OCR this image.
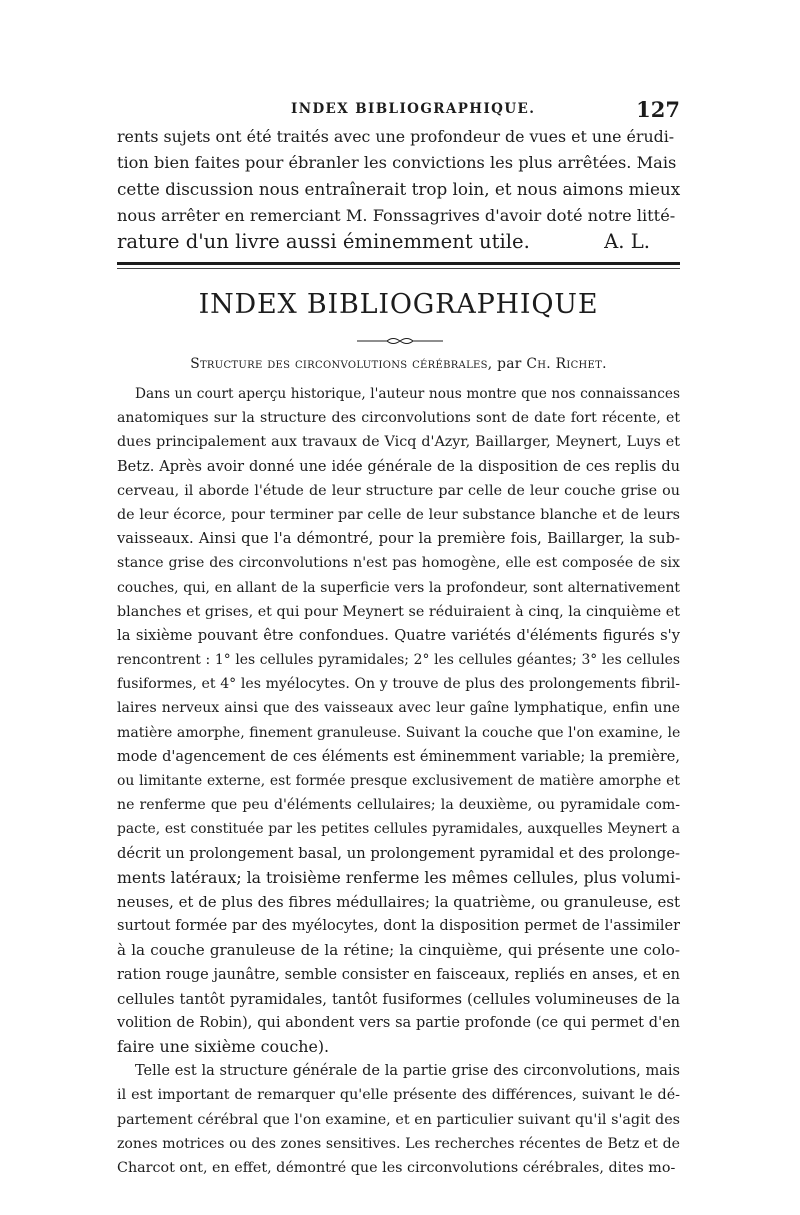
INDEX BIBLIOGRAPHIQUE.	127
rents sujets ont été traités avec une profondeur de vues et une érudi-
tion bien faites pour ébranler les convictions les plus arrêtées. Mais
cette discussion nous entraînerait trop loin, et nous aimons mieux
nous arrêter en remerciant M. Fonssagrives d'avoir doté notre litté-
rature d'un livre aussi éminemment utile.	A. L.
INDEX BIBLIOGRAPHIQUE
Structure des circonvolutions cérébrales, par Ch. Richet.
Dans un court aperçu historique, l'auteur nous montre que nos connaissances
anatomiques sur la structure des circonvolutions sont de date fort récente, et
dues principalement aux travaux de Vicq d'Azyr, Baillarger, Meynert, Luys et
Betz. Après avoir donné une idée générale de la disposition de ces replis du
cerveau, il aborde l'étude de leur structure par celle de leur couche grise ou
de leur écorce, pour terminer par celle de leur substance blanche et de leurs
vaisseaux. Ainsi que l'a démontré, pour la première fois, Baillarger, la sub-
stance grise des circonvolutions n'est pas homogène, elle est composée de six
couches, qui, en allant de la superficie vers la profondeur, sont alternativement
blanches et grises, et qui pour Meynert se réduiraient à cinq, la cinquième et
la sixième pouvant être confondues. Quatre variétés d'éléments figurés s'y
rencontrent : 1° les cellules pyramidales; 2° les cellules géantes; 3° les cellules
fusiformes, et 4° les myélocytes. On y trouve de plus des prolongements fibril-
laires nerveux ainsi que des vaisseaux avec leur gaîne lymphatique, enfin une
matière amorphe, finement granuleuse. Suivant la couche que l'on examine, le
mode d'agencement de ces éléments est éminemment variable; la première,
ou limitante externe, est formée presque exclusivement de matière amorphe et
ne renferme que peu d'éléments cellulaires; la deuxième, ou pyramidale com-
pacte, est constituée par les petites cellules pyramidales, auxquelles Meynert a
décrit un prolongement basal, un prolongement pyramidal et des prolonge-
ments latéraux; la troisième renferme les mêmes cellules, plus volumi-
neuses, et de plus des fibres médullaires; la quatrième, ou granuleuse, est
surtout formée par des myélocytes, dont la disposition permet de l'assimiler
à la couche granuleuse de la rétine; la cinquième, qui présente une colo-
ration rouge jaunâtre, semble consister en faisceaux, repliés en anses, et en
cellules tantôt pyramidales, tantôt fusiformes (cellules volumineuses de la
volition de Robin), qui abondent vers sa partie profonde (ce qui permet d'en
faire une sixième couche).
Telle est la structure générale de la partie grise des circonvolutions, mais
il est important de remarquer qu'elle présente des différences, suivant le dé-
partement cérébral que l'on examine, et en particulier suivant qu'il s'agit des
zones motrices ou des zones sensitives. Les recherches récentes de Betz et de
Charcot ont, en effet, démontré que les circonvolutions cérébrales, dites mo-
